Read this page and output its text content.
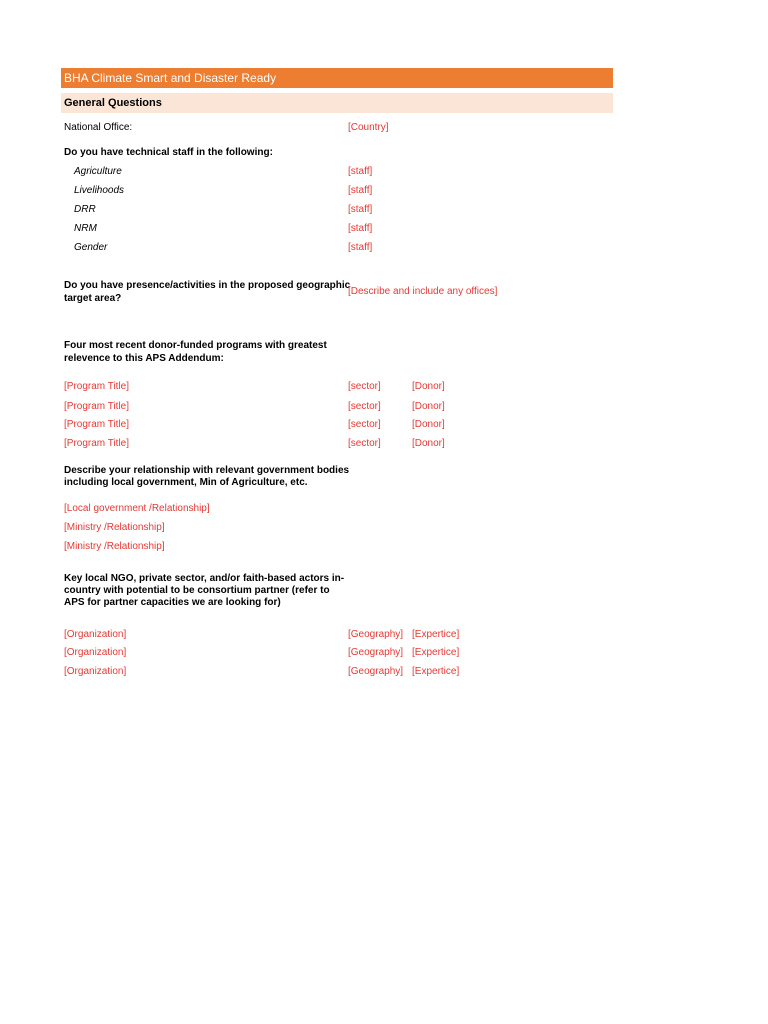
BHA Climate Smart and Disaster Ready
General Questions
National Office:	[Country]
Do you have technical staff in the following:
Agriculture	[staff]
Livelihoods	[staff]
DRR	[staff]
NRM	[staff]
Gender	[staff]
Do you have presence/activities in the proposed geographic
target area?
[Describe and include any offices]
Four most recent donor-funded programs with greatest
relevence to this APS Addendum:
[Program Title]	[sector]	[Donor]
[Program Title]	[sector]	[Donor]
[Program Title]	[sector]	[Donor]
[Program Title]	[sector]	[Donor]
Describe your relationship with relevant government bodies
including local government, Min of Agriculture, etc.
[Local government /Relationship]
[Ministry /Relationship]
[Ministry /Relationship]
Key local NGO, private sector, and/or faith-based actors in-
country with potential to be consortium partner (refer to
APS for partner capacities we are looking for)
[Organization]	[Geography] [Expertice]
[Organization]	[Geography] [Expertice]
[Organization]	[Geography] [Expertice]
